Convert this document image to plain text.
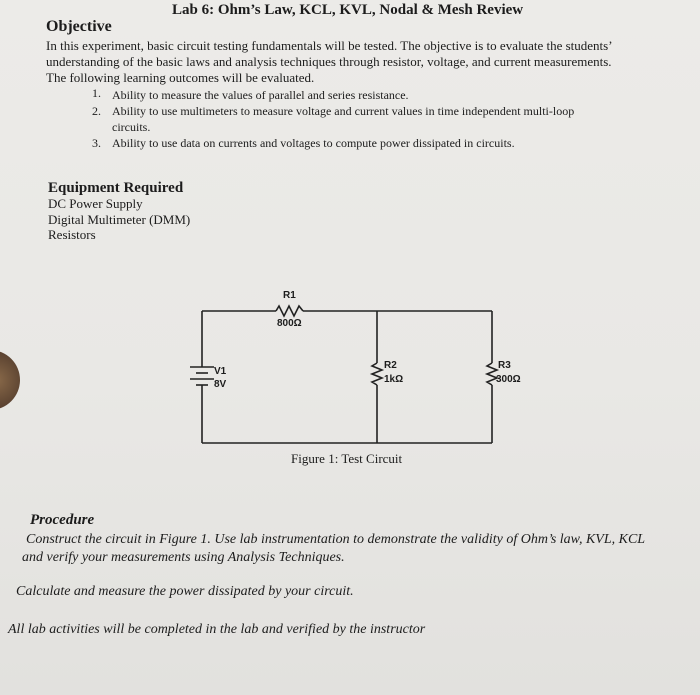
Lab 6: Ohm’s Law, KCL, KVL, Nodal & Mesh Review
Objective
In this experiment, basic circuit testing fundamentals will be tested. The objective is to evaluate the students’
understanding of the basic laws and analysis techniques through resistor, voltage, and current measurements.
The following learning outcomes will be evaluated.
1. Ability to measure the values of parallel and series resistance.
2. Ability to use multimeters to measure voltage and current values in time independent multi-loop
circuits.
3. Ability to use data on currents and voltages to compute power dissipated in circuits.
Equipment Required
DC Power Supply
Digital Multimeter (DMM)
Resistors
R1
800Ω
R2
1kΩ
R3
300Ω
V1
8V
Figure 1: Test Circuit
Procedure
Construct the circuit in Figure 1. Use lab instrumentation to demonstrate the validity of Ohm’s law, KVL, KCL
and verify your measurements using Analysis Techniques.
Calculate and measure the power dissipated by your circuit.
All lab activities will be completed in the lab and verified by the instructor
